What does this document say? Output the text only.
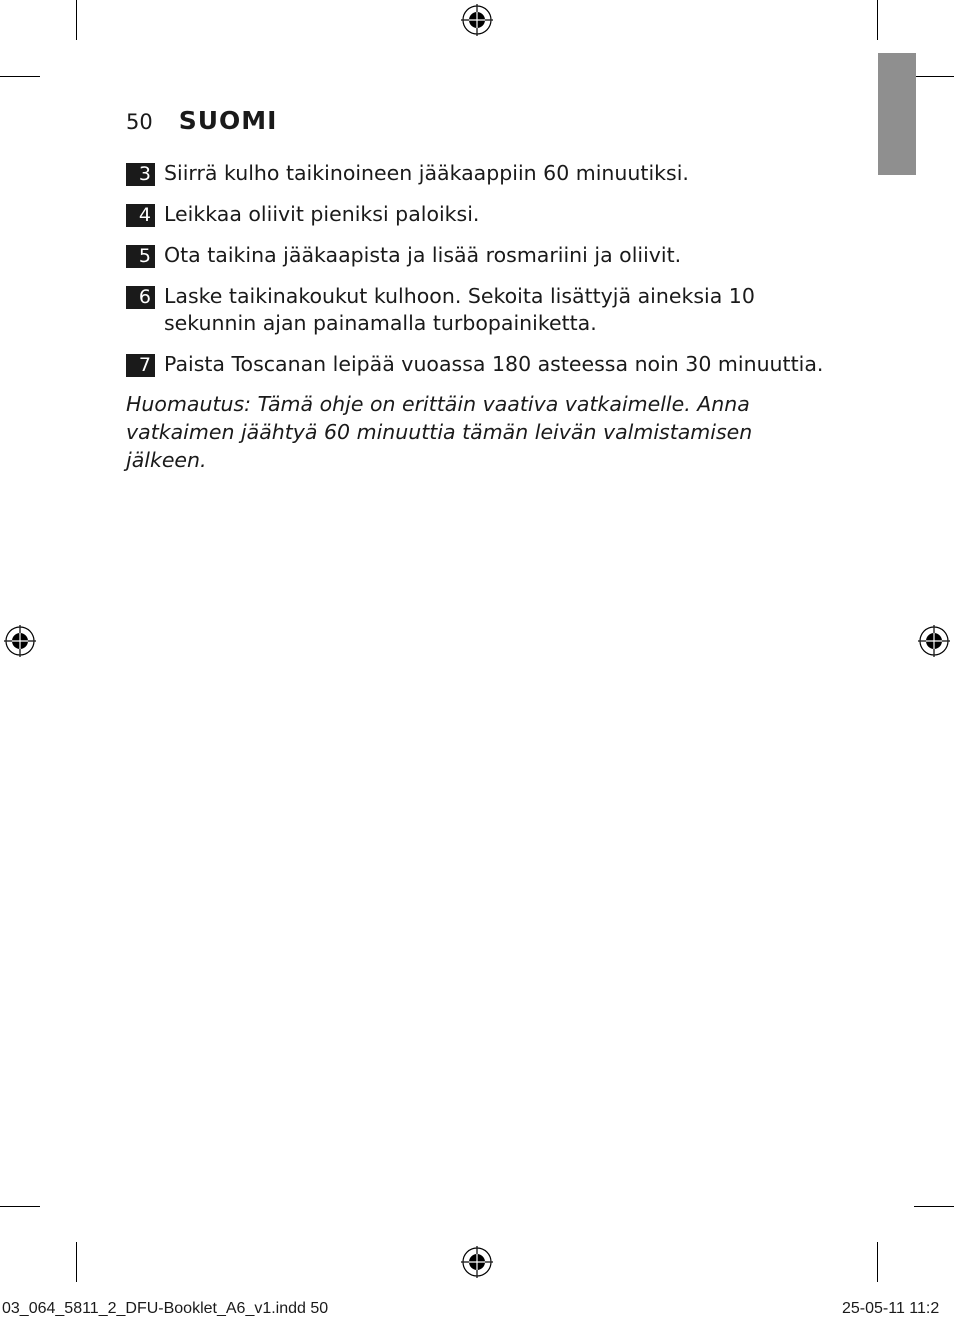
50 SUOMI
3 Siirrä kulho taikinoineen jääkaappiin 60 minuutiksi.
4 Leikkaa oliivit pieniksi paloiksi.
5 Ota taikina jääkaapista ja lisää rosmariini ja oliivit.
6 Laske taikinakoukut kulhoon. Sekoita lisättyjä aineksia 10 sekunnin ajan painamalla turbopainiketta.
7 Paista Toscanan leipää vuoassa 180 asteessa noin 30 minuuttia.
Huomautus: Tämä ohje on erittäin vaativa vatkaimelle. Anna vatkaimen jäähtyä 60 minuuttia tämän leivän valmistamisen jälkeen.
03_064_5811_2_DFU-Booklet_A6_v1.indd 50	25-05-11 11:2
